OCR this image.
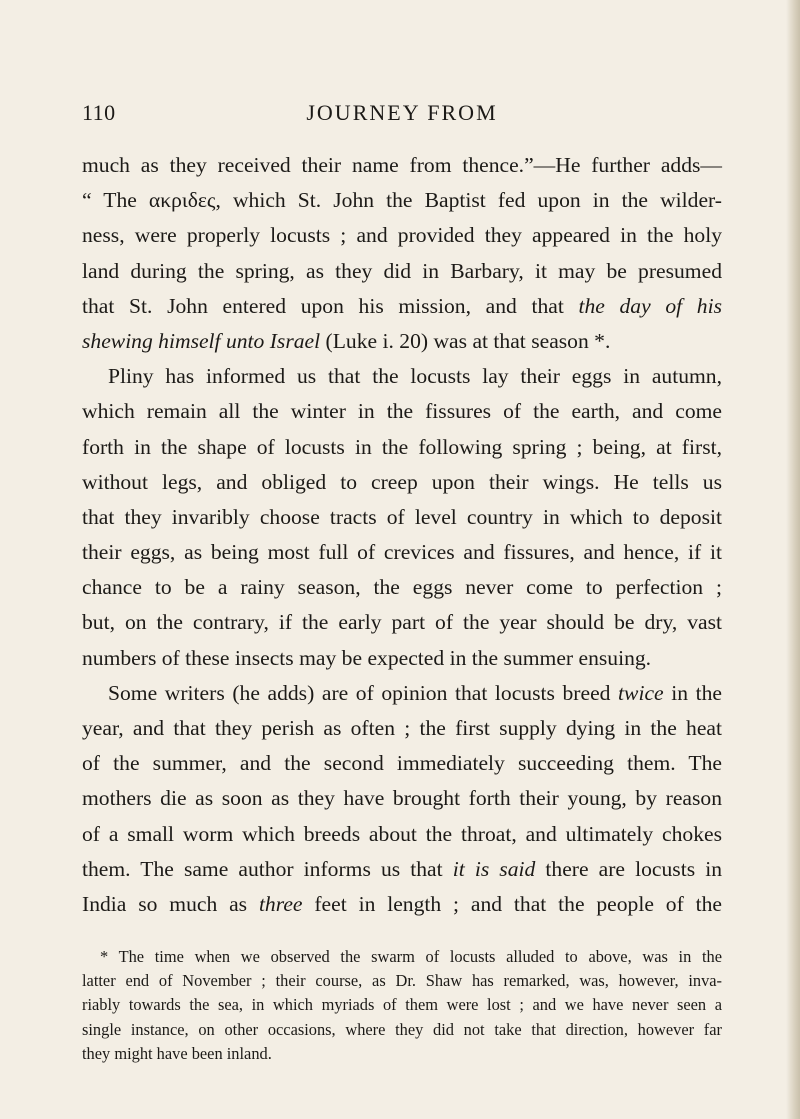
JOURNEY FROM
110
much as they received their name from thence.”—He further adds—
“ The ακριδες, which St. John the Baptist fed upon in the wilder-
ness, were properly locusts ; and provided they appeared in the holy
land during the spring, as they did in Barbary, it may be presumed
that St. John entered upon his mission, and that the day of his
shewing himself unto Israel (Luke i. 20) was at that season *.
Pliny has informed us that the locusts lay their eggs in autumn,
which remain all the winter in the fissures of the earth, and come
forth in the shape of locusts in the following spring ; being, at first,
without legs, and obliged to creep upon their wings. He tells us
that they invaribly choose tracts of level country in which to deposit
their eggs, as being most full of crevices and fissures, and hence, if it
chance to be a rainy season, the eggs never come to perfection ;
but, on the contrary, if the early part of the year should be dry, vast
numbers of these insects may be expected in the summer ensuing.
Some writers (he adds) are of opinion that locusts breed twice in the
year, and that they perish as often ; the first supply dying in the heat
of the summer, and the second immediately succeeding them. The
mothers die as soon as they have brought forth their young, by reason
of a small worm which breeds about the throat, and ultimately chokes
them. The same author informs us that it is said there are locusts in
India so much as three feet in length ; and that the people of the
* The time when we observed the swarm of locusts alluded to above, was in the
latter end of November ; their course, as Dr. Shaw has remarked, was, however, inva-
riably towards the sea, in which myriads of them were lost ; and we have never seen a
single instance, on other occasions, where they did not take that direction, however far
they might have been inland.
